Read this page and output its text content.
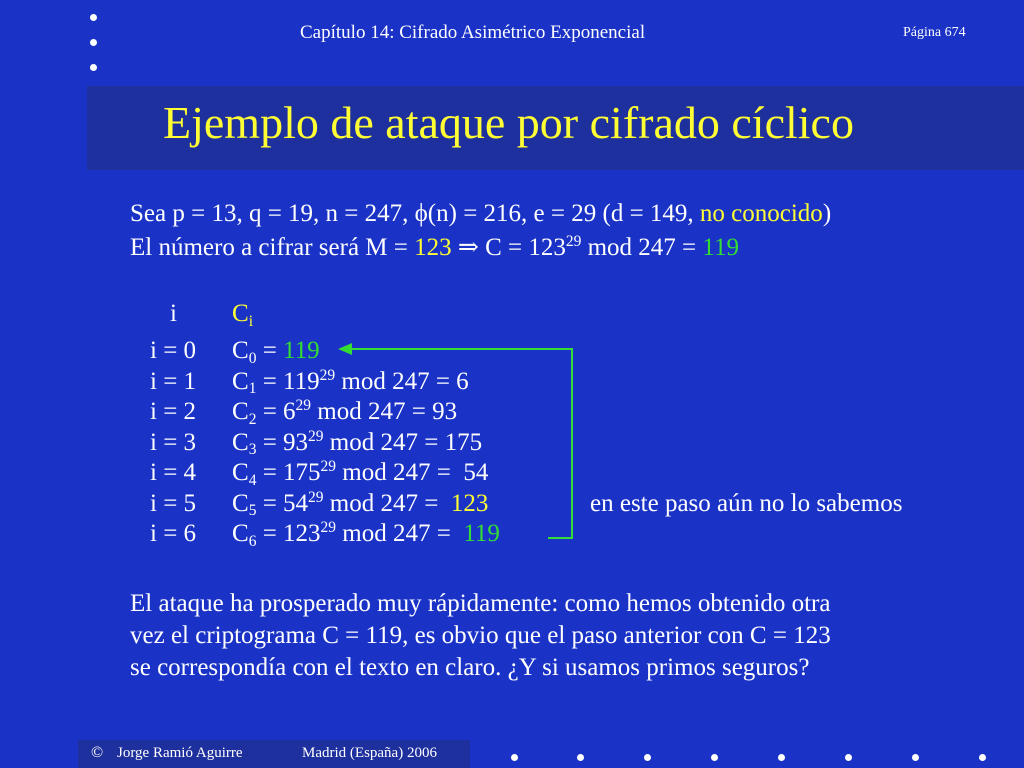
Capítulo 14: Cifrado Asimétrico Exponencial	Página 674
Ejemplo de ataque por cifrado cíclico
Sea p = 13, q = 19, n = 247, ϕ(n) = 216, e = 29 (d = 149, no conocido)
El número a cifrar será M = 123 ⇒ $C = 123^{29}$ mod 247 = 119
i $C_i$
i = 0 $C_0 = 119$
i = 1 $C_1 = 119^{29}$ mod 247 = 6
i = 2 $C_2 = 6^{29}$ mod 247 = 93
i = 3 $C_3 = 93^{29}$ mod 247 = 175
i = 4 $C_4 = 175^{29}$ mod 247 =  54
i = 5 $C_5 = 54^{29}$ mod 247 =  123
i = 6 $C_6 = 123^{29}$ mod 247 =  119
en este paso aún no lo sabemos
El ataque ha prosperado muy rápidamente: como hemos obtenido otra
vez el criptograma C = 119, es obvio que el paso anterior con C = 123
se correspondía con el texto en claro. ¿Y si usamos primos seguros?
© Jorge Ramió Aguirre	Madrid (España) 2006
